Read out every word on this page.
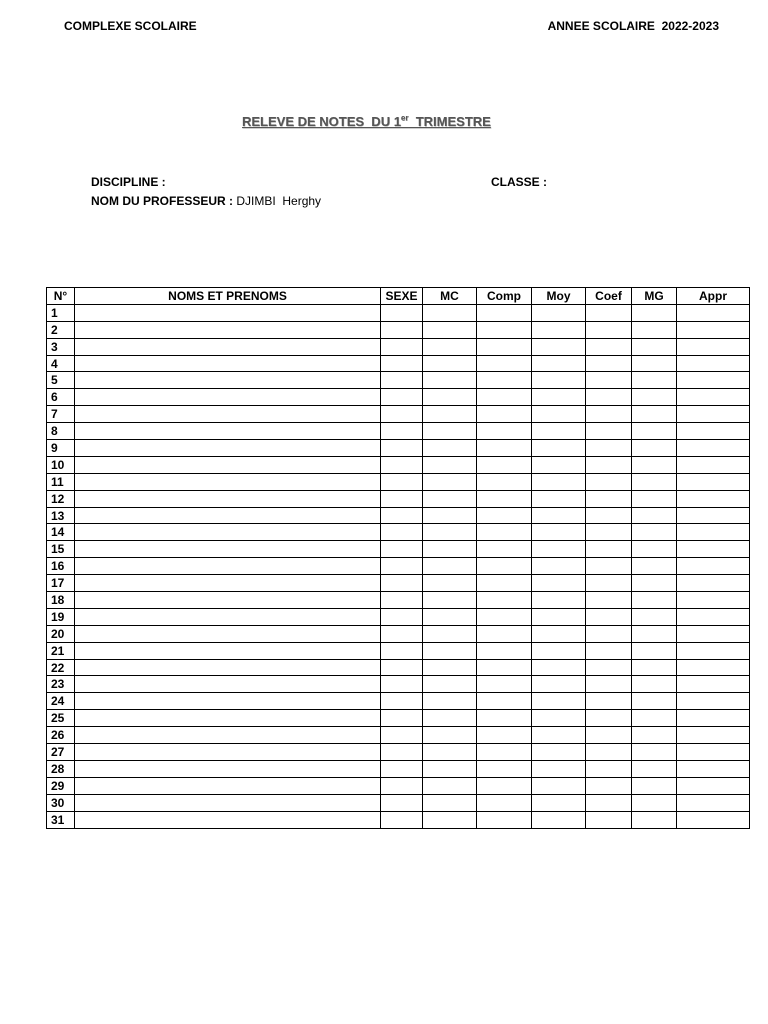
COMPLEXE SCOLAIRE	ANNEE SCOLAIRE  2022-2023
RELEVE DE NOTES  DU 1er  TRIMESTRE
DISCIPLINE :	CLASSE :
NOM DU PROFESSEUR : DJIMBI  Herghy
N°	NOMS ET PRENOMS	SEXE	MC	Comp	Moy	Coef	MG	Appr
1								
2								
3								
4								
5								
6								
7								
8								
9								
10								
11								
12								
13								
14								
15								
16								
17								
18								
19								
20								
21								
22								
23								
24								
25								
26								
27								
28								
29								
30								
31								
